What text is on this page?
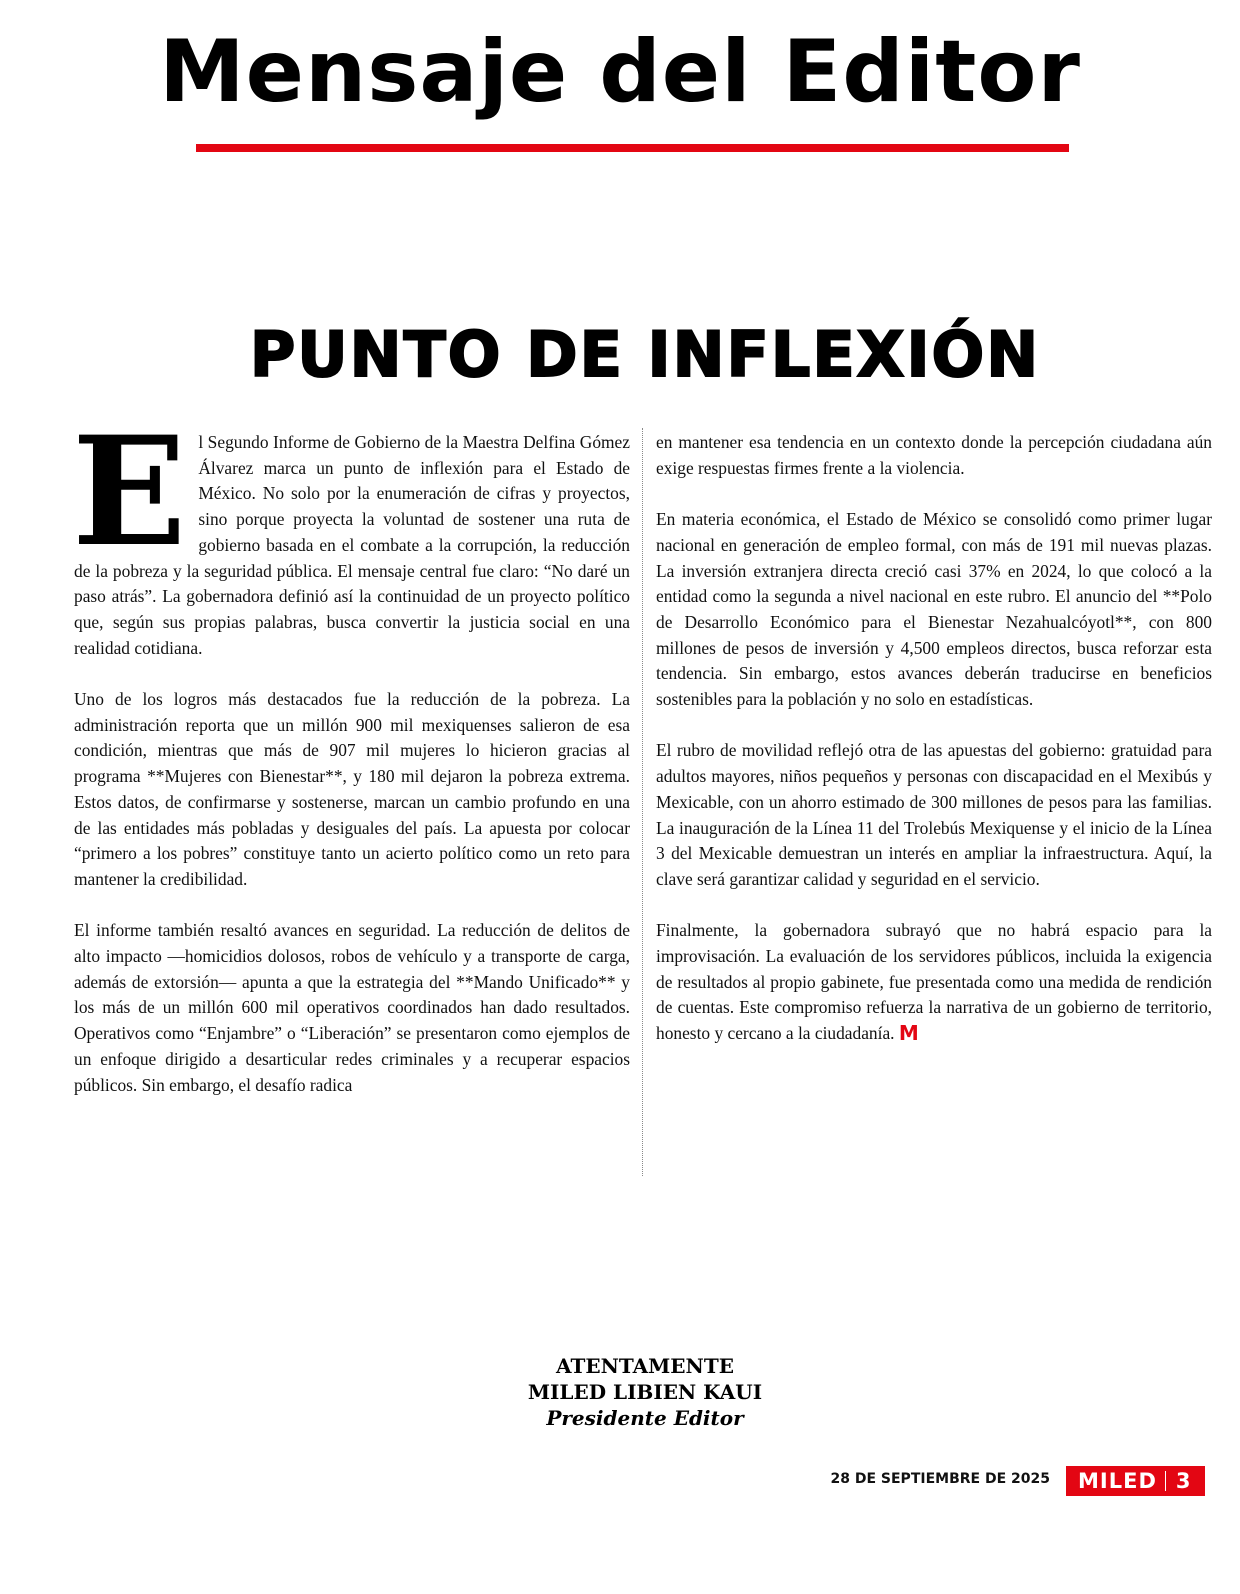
Mensaje del Editor
PUNTO DE INFLEXIÓN

El Segundo Informe de Gobierno de la Maestra Delfina Gómez Álvarez marca un punto de inflexión para el Estado de México. No solo por la enumeración de cifras y proyectos, sino porque proyecta la voluntad de sostener una ruta de gobierno basada en el combate a la corrupción, la reducción de la pobreza y la seguridad pública. El mensaje central fue claro: “No daré un paso atrás”. La gobernadora definió así la continuidad de un proyecto político que, según sus propias palabras, busca convertir la justicia social en una realidad cotidiana.

Uno de los logros más destacados fue la reducción de la pobreza. La administración reporta que un millón 900 mil mexiquenses salieron de esa condición, mientras que más de 907 mil mujeres lo hicieron gracias al programa **Mujeres con Bienestar**, y 180 mil dejaron la pobreza extrema. Estos datos, de confirmarse y sostenerse, marcan un cambio profundo en una de las entidades más pobladas y desiguales del país. La apuesta por colocar “primero a los pobres” constituye tanto un acierto político como un reto para mantener la credibilidad.

El informe también resaltó avances en seguridad. La reducción de delitos de alto impacto —homicidios dolosos, robos de vehículo y a transporte de carga, además de extorsión— apunta a que la estrategia del **Mando Unificado** y los más de un millón 600 mil operativos coordinados han dado resultados. Operativos como “Enjambre” o “Liberación” se presentaron como ejemplos de un enfoque dirigido a desarticular redes criminales y a recuperar espacios públicos. Sin embargo, el desafío radica

en mantener esa tendencia en un contexto donde la percepción ciudadana aún exige respuestas firmes frente a la violencia.

En materia económica, el Estado de México se consolidó como primer lugar nacional en generación de empleo formal, con más de 191 mil nuevas plazas. La inversión extranjera directa creció casi 37% en 2024, lo que colocó a la entidad como la segunda a nivel nacional en este rubro. El anuncio del **Polo de Desarrollo Económico para el Bienestar Nezahualcóyotl**, con 800 millones de pesos de inversión y 4,500 empleos directos, busca reforzar esta tendencia. Sin embargo, estos avances deberán traducirse en beneficios sostenibles para la población y no solo en estadísticas.

El rubro de movilidad reflejó otra de las apuestas del gobierno: gratuidad para adultos mayores, niños pequeños y personas con discapacidad en el Mexibús y Mexicable, con un ahorro estimado de 300 millones de pesos para las familias. La inauguración de la Línea 11 del Trolebús Mexiquense y el inicio de la Línea 3 del Mexicable demuestran un interés en ampliar la infraestructura. Aquí, la clave será garantizar calidad y seguridad en el servicio.

Finalmente, la gobernadora subrayó que no habrá espacio para la improvisación. La evaluación de los servidores públicos, incluida la exigencia de resultados al propio gabinete, fue presentada como una medida de rendición de cuentas. Este compromiso refuerza la narrativa de un gobierno de territorio, honesto y cercano a la ciudadanía. M

ATENTAMENTE
MILED LIBIEN KAUI
Presidente Editor
28 DE SEPTIEMBRE DE 2025 MILED 3
